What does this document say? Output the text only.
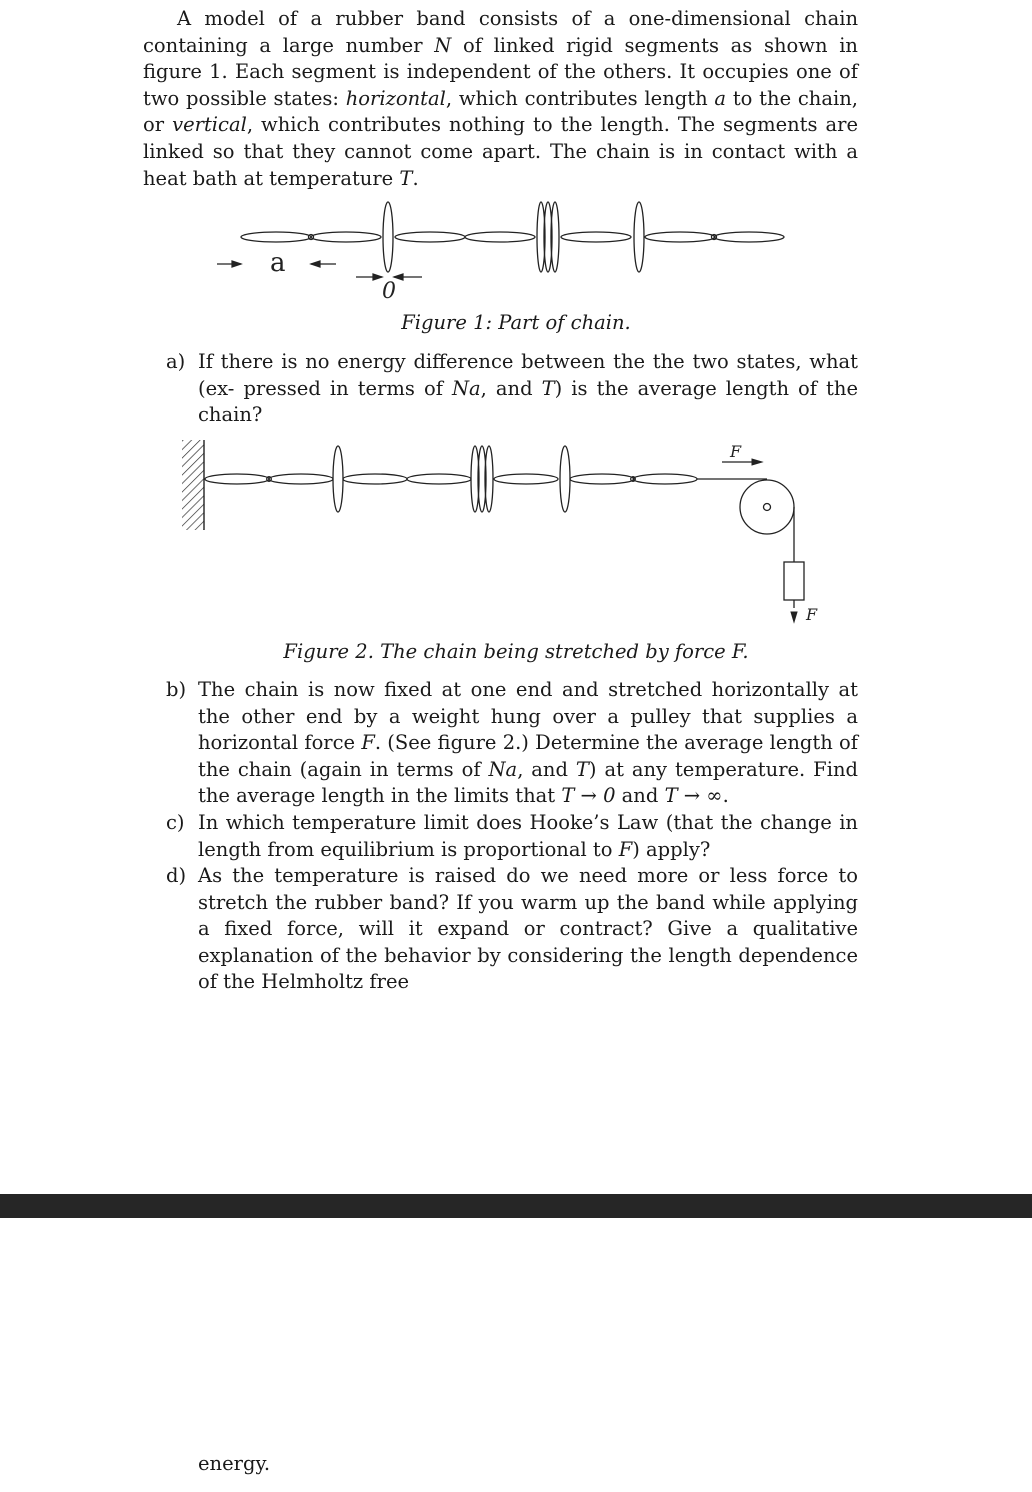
A model of a rubber band consists of a one-dimensional chain containing a large number N of linked rigid segments as shown in figure 1. Each segment is independent of the others. It occupies one of two possible states: horizontal, which contributes length a to the chain, or vertical, which contributes nothing to the length. The segments are linked so that they cannot come apart. The chain is in contact with a heat bath at temperature T.

a
0

Figure 1: Part of chain.

a) If there is no energy difference between the the two states, what (ex- pressed in terms of Na, and T) is the average length of the chain?
F
F

Figure 2. The chain being stretched by force F.

b) The chain is now fixed at one end and stretched horizontally at the other end by a weight hung over a pulley that supplies a horizontal force F. (See figure 2.) Determine the average length of the chain (again in terms of Na, and T) at any temperature. Find the average length in the limits that T → 0 and T → ∞.
c) In which temperature limit does Hooke’s Law (that the change in length from equilibrium is proportional to F) apply?
d) As the temperature is raised do we need more or less force to stretch the rubber band? If you warm up the band while applying a fixed force, will it expand or contract? Give a qualitative explanation of the behavior by considering the length dependence of the Helmholtz free
energy.
